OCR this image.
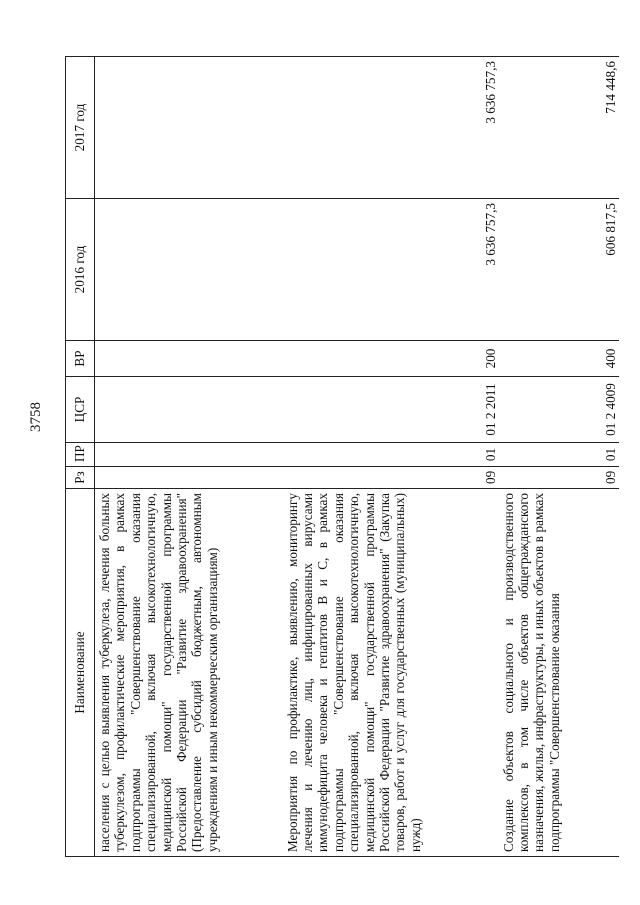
3758
Наименование	Рз	ПР	ЦСР	ВР	2016 год	2017 год
населения с целью выявления туберкулеза, лечения больных туберкулезом, профилактические мероприятия, в рамках подпрограммы "Совершенствование оказания специализированной, включая высокотехнологичную, медицинской помощи" государственной программы Российской Федерации "Развитие здравоохранения" (Предоставление субсидий бюджетным, автономным учреждениям и иным некоммерческим организациям)						
Мероприятия по профилактике, выявлению, мониторингу лечения и лечению лиц, инфицированных вирусами иммунодефицита человека и гепатитов В и С, в рамках подпрограммы "Совершенствование оказания специализированной, включая высокотехнологичную, медицинской помощи" государственной программы Российской Федерации "Развитие здравоохранения" (Закупка товаров, работ и услуг для государственных (муниципальных) нужд)	09	01	01 2 2011	200	3 636 757,3	3 636 757,3
Создание объектов социального и производственного комплексов, в том числе объектов общегражданского назначения, жилья, инфраструктуры, и иных объектов в рамках подпрограммы "Совершенствование оказания	09	01	01 2 4009	400	606 817,5	714 448,6
